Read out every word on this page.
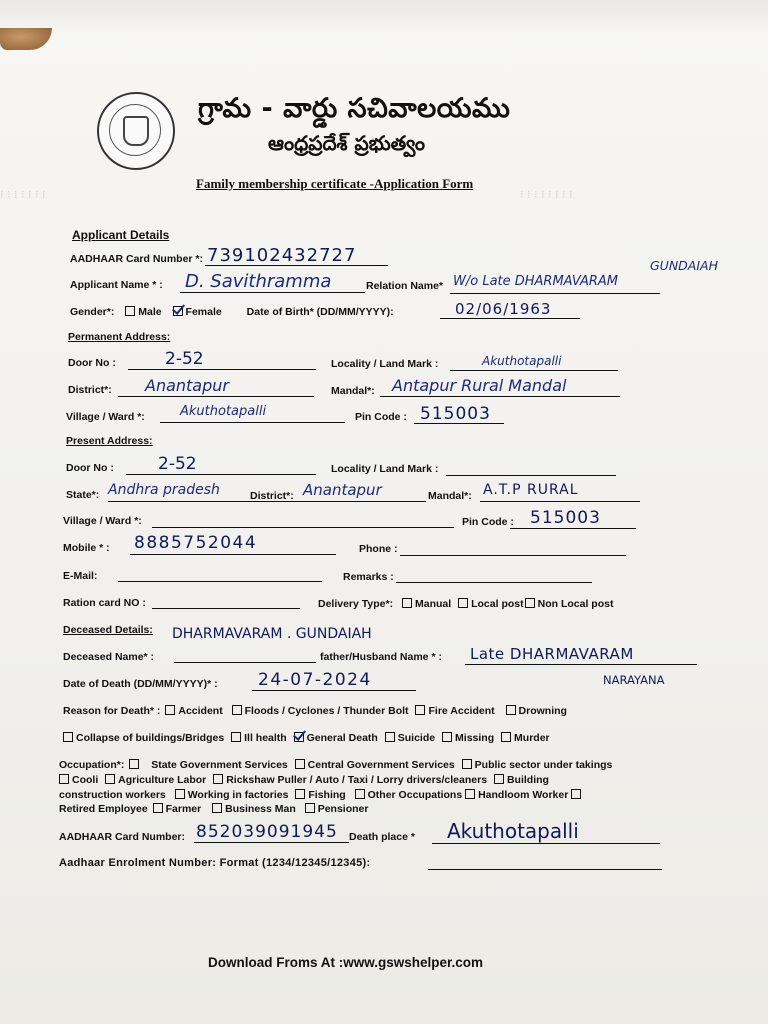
⁞ ⁝ ⁞ ⁝ ⁞ ⁝ ⁞	⁝ ⁞ ⁝ ⁞ ⁝ ⁞ ⁝ ⁞
గ్రామ - వార్డు సచివాలయము
ఆంధ్రప్రదేశ్ ప్రభుత్వం
Family membership certificate -Application Form
Applicant Details
AADHAAR Card Number *: 739102432727
Applicant Name * : D. Savithramma	Relation Name* W/o Late DHARMAVARAM
GUNDAIAH
Gender*: Male Female Date of Birth* (DD/MM/YYYY):	02/06/1963
Permanent Address:
Door No :	2-52	Locality / Land Mark :	Akuthotapalli
District*: Anantapur	Mandal*: Antapur Rural Mandal
Village / Ward *:	Akuthotapalli	Pin Code : 515003
Present Address:
Door No :	2-52	Locality / Land Mark :
State*: Andhra pradesh	District*: Anantapur	Mandal*: A.T.P RURAL
Village / Ward *:	Pin Code : 515003
Mobile * : 8885752044	Phone :
E-Mail:	Remarks :
Ration card NO :	Delivery Type*: Manual Local post Non Local post
Deceased Details: DHARMAVARAM . GUNDAIAH
Deceased Name* :	father/Husband Name * : Late DHARMAVARAM
NARAYANA
Date of Death (DD/MM/YYYY)* : 24-07-2024
Reason for Death* : Accident Floods / Cyclones / Thunder Bolt Fire Accident Drowning
Collapse of buildings/Bridges Ill health General Death Suicide Missing Murder
Occupation*:	State Government Services Central Government Services Public sector under takings
Cooli Agriculture Labor Rickshaw Puller / Auto / Taxi / Lorry drivers/cleaners Building
construction workers Working in factories Fishing Other Occupations Handloom Worker
Retired Employee Farmer Business Man Pensioner
AADHAAR Card Number: 852039091945 Death place * Akuthotapalli
Aadhaar Enrolment Number: Format (1234/12345/12345):
Download Froms At :www.gswshelper.com
